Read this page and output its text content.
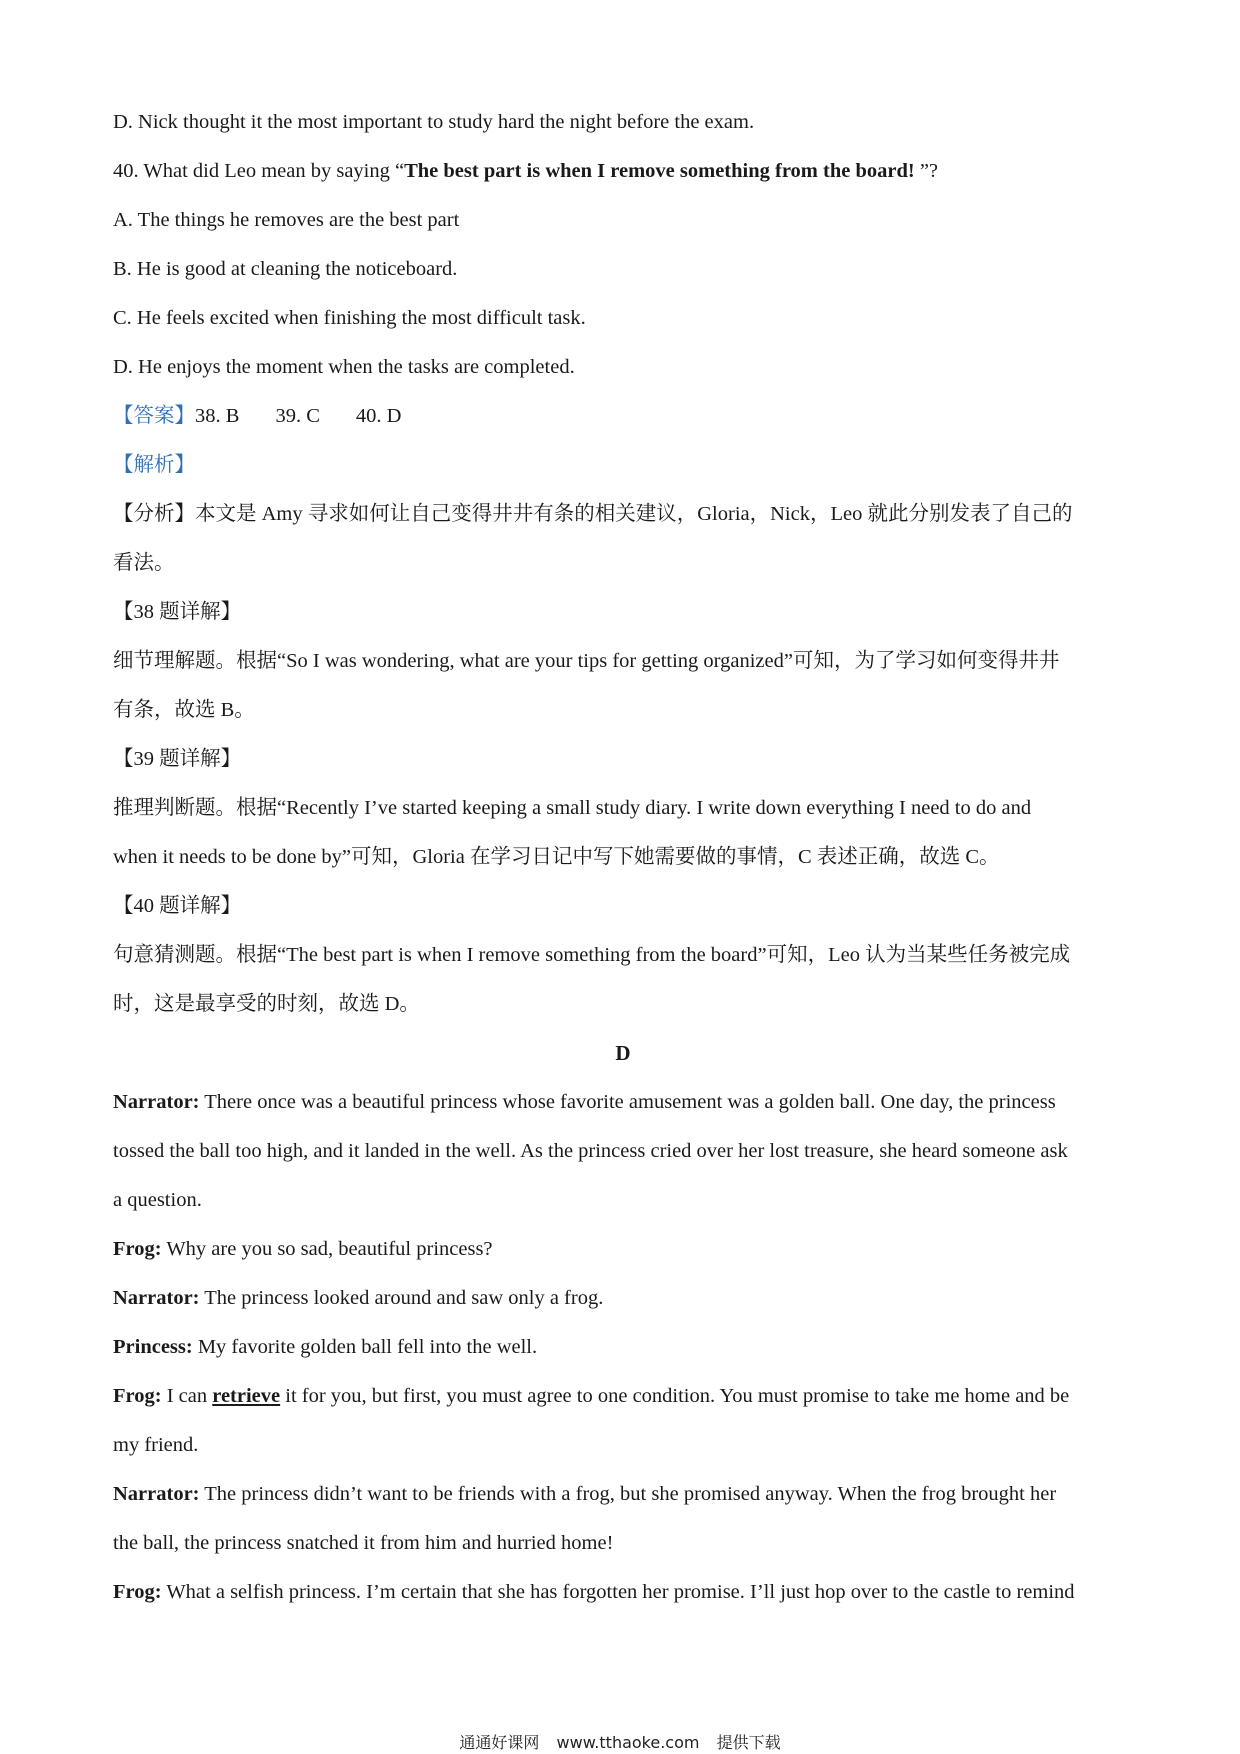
D. Nick thought it the most important to study hard the night before the exam.

40. What did Leo mean by saying “The best part is when I remove something from the board! ”?

A. The things he removes are the best part

B. He is good at cleaning the noticeboard.

C. He feels excited when finishing the most difficult task.

D. He enjoys the moment when the tasks are completed.

【答案】38. B 39. C 40. D

【解析】

【分析】本文是 Amy 寻求如何让自己变得井井有条的相关建议，Gloria，Nick，Leo 就此分别发表了自己的

看法。

【38 题详解】

细节理解题。根据“So I was wondering, what are your tips for getting organized”可知，为了学习如何变得井井

有条，故选 B。

【39 题详解】

推理判断题。根据“Recently I’ve started keeping a small study diary. I write down everything I need to do and

when it needs to be done by”可知，Gloria 在学习日记中写下她需要做的事情，C 表述正确，故选 C。

【40 题详解】

句意猜测题。根据“The best part is when I remove something from the board”可知，Leo 认为当某些任务被完成

时，这是最享受的时刻，故选 D。

D

Narrator: There once was a beautiful princess whose favorite amusement was a golden ball. One day, the princess

tossed the ball too high, and it landed in the well. As the princess cried over her lost treasure, she heard someone ask

a question.

Frog: Why are you so sad, beautiful princess?

Narrator: The princess looked around and saw only a frog.

Princess: My favorite golden ball fell into the well.

Frog: I can retrieve it for you, but first, you must agree to one condition. You must promise to take me home and be

my friend.

Narrator: The princess didn’t want to be friends with a frog, but she promised anyway. When the frog brought her

the ball, the princess snatched it from him and hurried home!

Frog: What a selfish princess. I’m certain that she has forgotten her promise. I’ll just hop over to the castle to remind

通通好课网 www.tthaoke.com 提供下载
